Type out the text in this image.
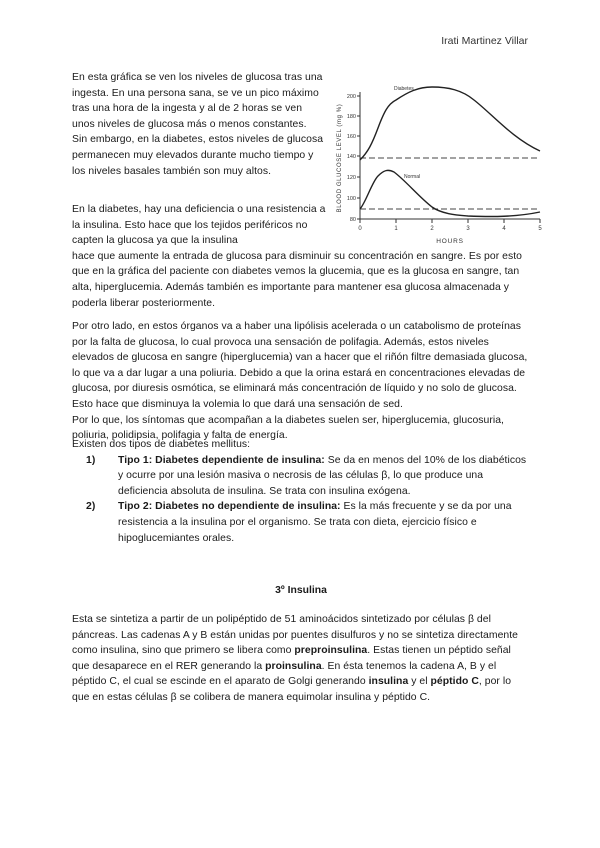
Irati Martinez Villar
En esta gráfica se ven los niveles de glucosa tras una ingesta. En una persona sana, se ve un pico máximo tras una hora de la ingesta y al de 2 horas se ven unos niveles de glucosa más o menos constantes. Sin embargo, en la diabetes, estos niveles de glucosa permanecen muy elevados durante mucho tiempo y los niveles basales también son muy altos.
200
180
160
140
120
100
80
0	1	2	3	4	5
HOURS
BLOOD GLUCOSE LEVEL (mg %)
Diabetes
Normal
En la diabetes, hay una deficiencia o una resistencia a la insulina. Esto hace que los tejidos periféricos no capten la glucosa ya que la insulina
hace que aumente la entrada de glucosa para disminuir su concentración en sangre. Es por esto que en la gráfica del paciente con diabetes vemos la glucemia, que es la glucosa en sangre, tan alta, hiperglucemia. Además también es importante para mantener esa glucosa almacenada y poderla liberar posteriormente.
Por otro lado, en estos órganos va a haber una lipólisis acelerada o un catabolismo de proteínas por la falta de glucosa, lo cual provoca una sensación de polifagia. Además, estos niveles elevados de glucosa en sangre (hiperglucemia) van a hacer que el riñón filtre demasiada glucosa, lo que va a dar lugar a una poliuria. Debido a que la orina estará en concentraciones elevadas de glucosa, por diuresis osmótica, se eliminará más concentración de líquido y no solo de glucosa. Esto hace que disminuya la volemia lo que dará una sensación de sed.
Por lo que, los síntomas que acompañan a la diabetes suelen ser, hiperglucemia, glucosuria, poliuria, polidipsia, polifagia y falta de energía.
Existen dos tipos de diabetes mellitus:
1) Tipo 1: Diabetes dependiente de insulina: Se da en menos del 10% de los diabéticos y ocurre por una lesión masiva o necrosis de las células β, lo que produce una deficiencia absoluta de insulina. Se trata con insulina exógena.
2) Tipo 2: Diabetes no dependiente de insulina: Es la más frecuente y se da por una resistencia a la insulina por el organismo. Se trata con dieta, ejercicio físico e hipoglucemiantes orales.
3º Insulina
Esta se sintetiza a partir de un polipéptido de 51 aminoácidos sintetizado por células β del páncreas. Las cadenas A y B están unidas por puentes disulfuros y no se sintetiza directamente como insulina, sino que primero se libera como preproinsulina. Estas tienen un péptido señal que desaparece en el RER generando la proinsulina. En ésta tenemos la cadena A, B y el péptido C, el cual se escinde en el aparato de Golgi generando insulina y el péptido C, por lo que en estas células β se colibera de manera equimolar insulina y péptido C.
